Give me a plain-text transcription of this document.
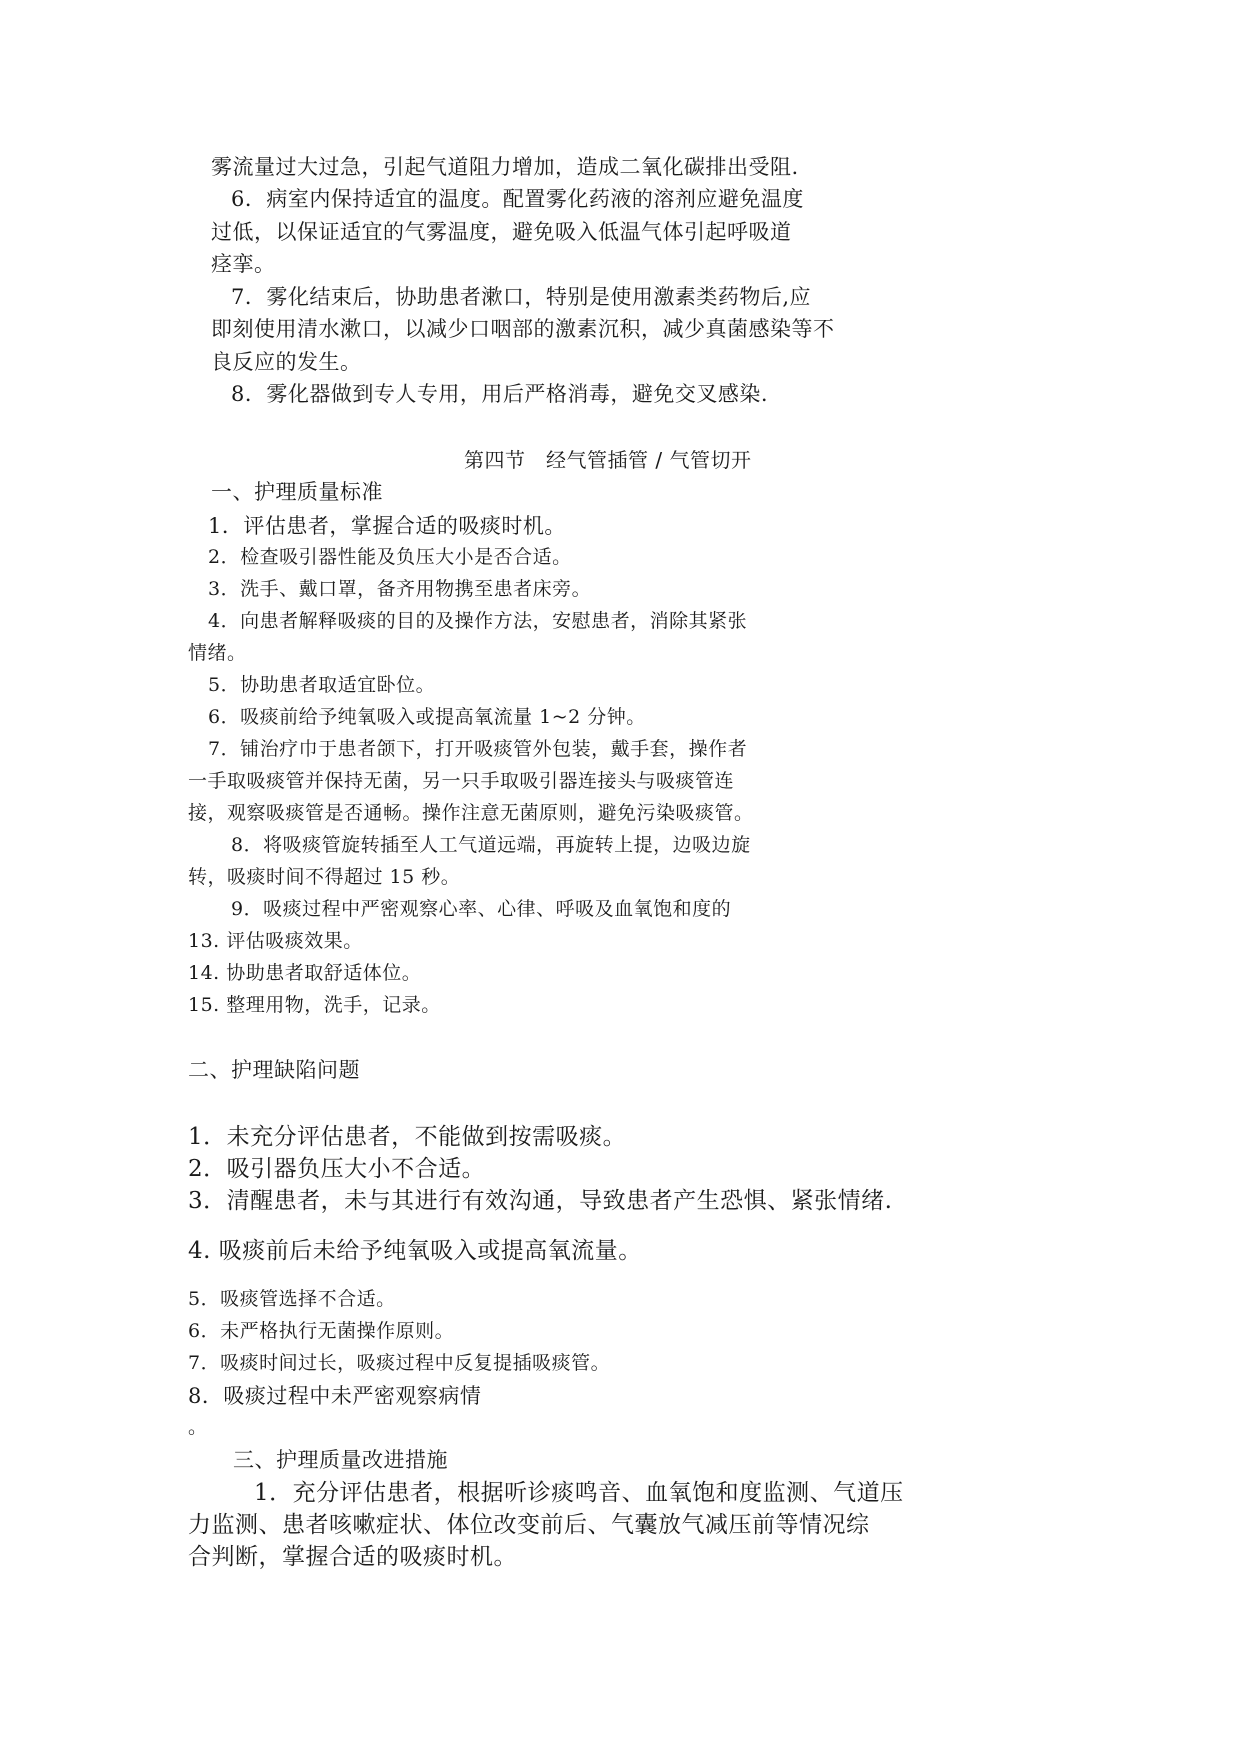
雾流量过大过急，引起气道阻力增加，造成二氧化碳排出受阻.
6．病室内保持适宜的温度。配置雾化药液的溶剂应避免温度
过低，以保证适宜的气雾温度，避免吸入低温气体引起呼吸道
痉挛。
7．雾化结束后，协助患者漱口，特别是使用激素类药物后,应
即刻使用清水漱口，以减少口咽部的激素沉积，减少真菌感染等不
良反应的发生。
8．雾化器做到专人专用，用后严格消毒，避免交叉感染.
第四节　经气管插管 / 气管切开
一、护理质量标准
1．评估患者，掌握合适的吸痰时机。
2．检查吸引器性能及负压大小是否合适。
3．洗手、戴口罩，备齐用物携至患者床旁。
4．向患者解释吸痰的目的及操作方法，安慰患者，消除其紧张
情绪。
5．协助患者取适宜卧位。
6．吸痰前给予纯氧吸入或提高氧流量 1~2 分钟。
7．铺治疗巾于患者颌下，打开吸痰管外包装，戴手套，操作者
一手取吸痰管并保持无菌，另一只手取吸引器连接头与吸痰管连
接，观察吸痰管是否通畅。操作注意无菌原则，避免污染吸痰管。
8．将吸痰管旋转插至人工气道远端，再旋转上提，边吸边旋
转，吸痰时间不得超过 15 秒。
9．吸痰过程中严密观察心率、心律、呼吸及血氧饱和度的
13. 评估吸痰效果。
14. 协助患者取舒适体位。
15. 整理用物，洗手，记录。
二、护理缺陷问题
1．未充分评估患者，不能做到按需吸痰。
2．吸引器负压大小不合适。
3．清醒患者，未与其进行有效沟通，导致患者产生恐惧、紧张情绪.
4. 吸痰前后未给予纯氧吸入或提高氧流量。
5．吸痰管选择不合适。
6．未严格执行无菌操作原则。
7．吸痰时间过长，吸痰过程中反复提插吸痰管。
8．吸痰过程中未严密观察病情
。
三、护理质量改进措施
1．充分评估患者，根据听诊痰鸣音、血氧饱和度监测、气道压
力监测、患者咳嗽症状、体位改变前后、气囊放气减压前等情况综
合判断，掌握合适的吸痰时机。
